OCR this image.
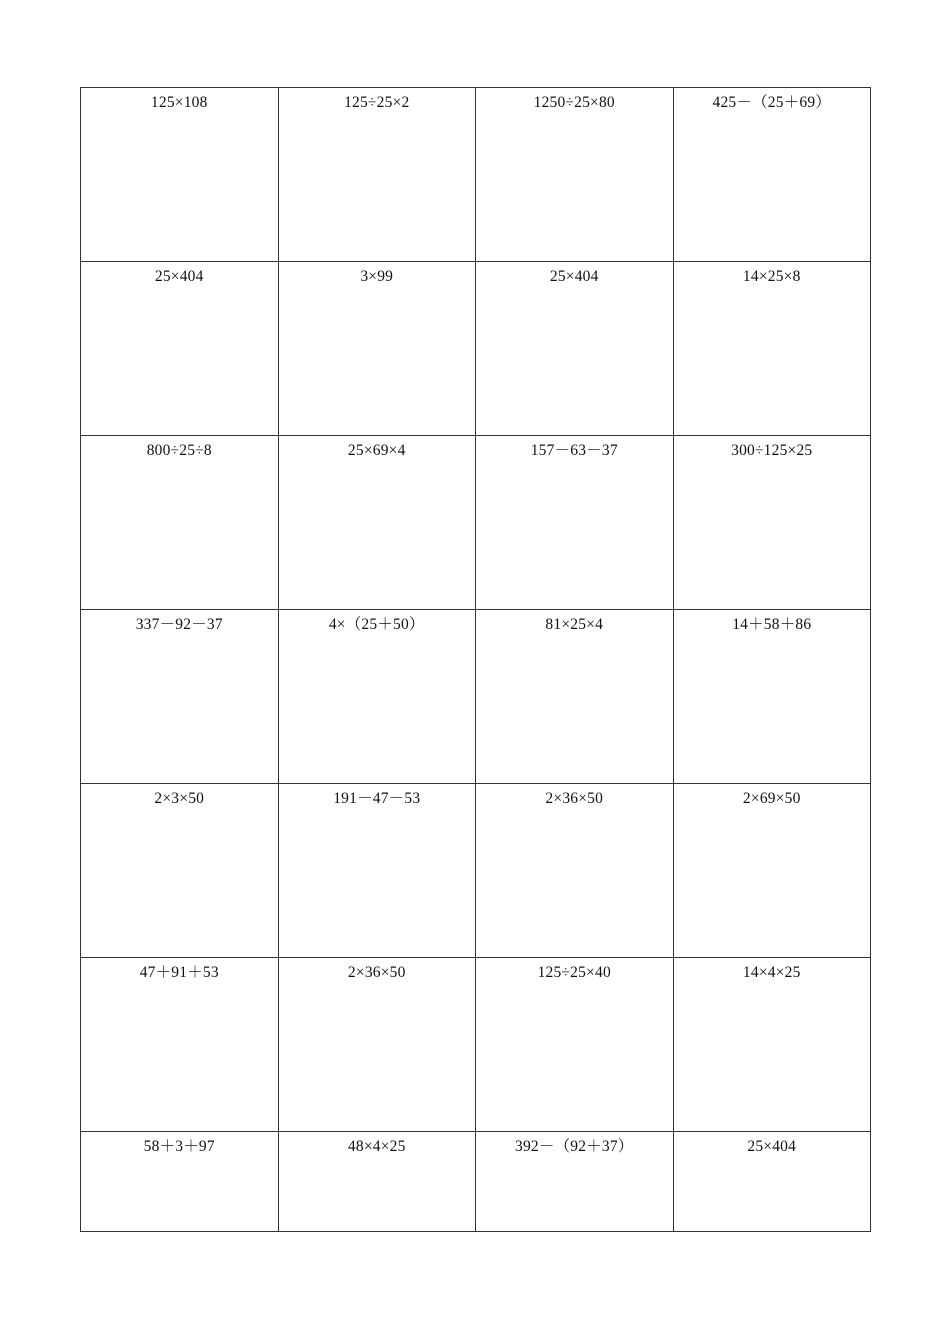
125×108	125÷25×2	1250÷25×80	425－（25＋69）

25×404	3×99	25×404	14×25×8

800÷25÷8	25×69×4	157－63－37	300÷125×25

337－92－37	4×（25＋50）	81×25×4	14＋58＋86

2×3×50	191－47－53	2×36×50	2×69×50

47＋91＋53	2×36×50	125÷25×40	14×4×25

58＋3＋97	48×4×25	392－（92＋37）	25×404
